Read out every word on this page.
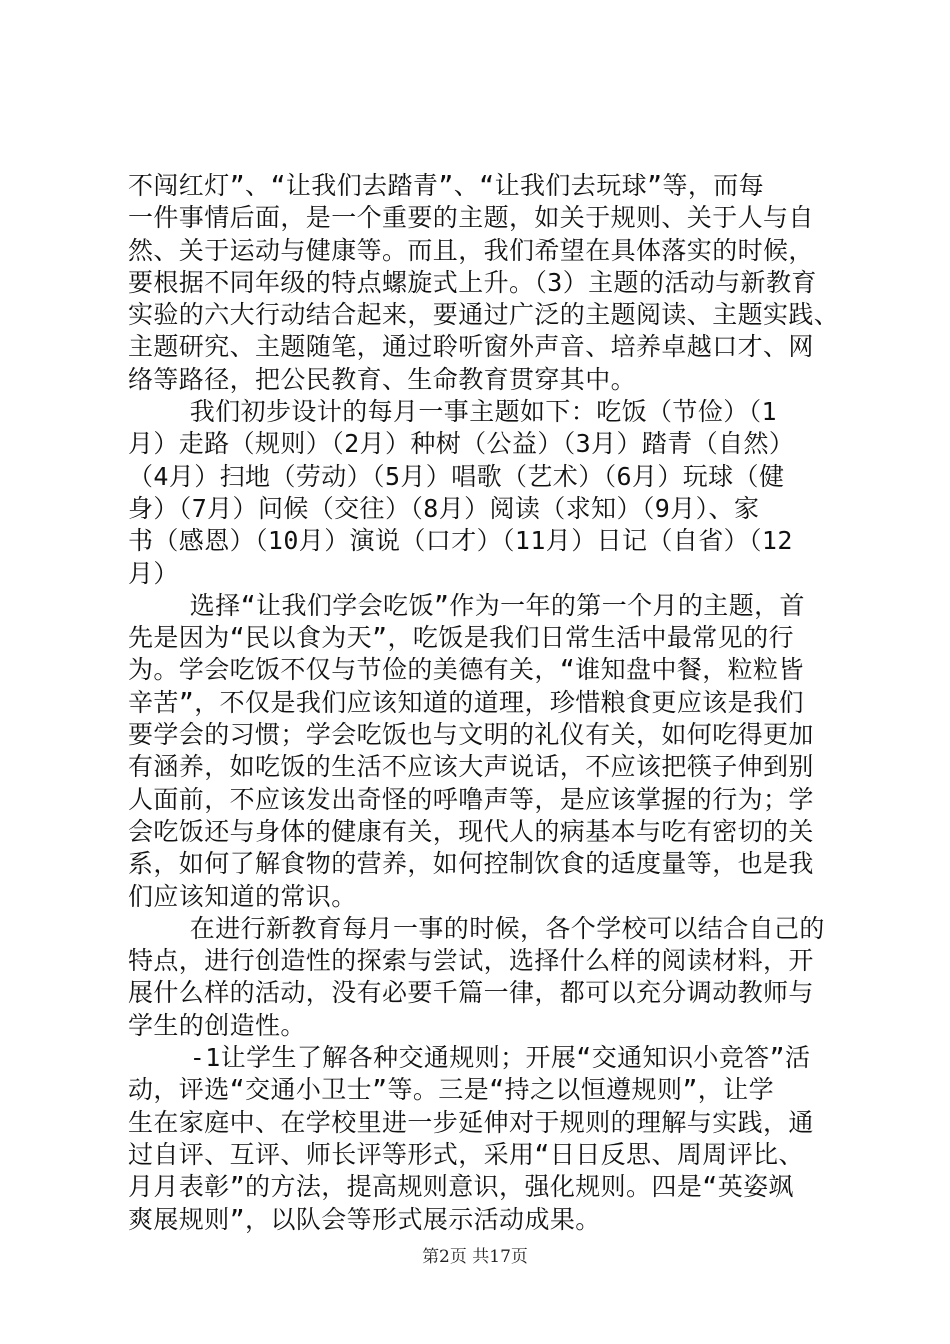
不闯红灯”、“让我们去踏青”、“让我们去玩球”等，而每
一件事情后面，是一个重要的主题，如关于规则、关于人与自
然、关于运动与健康等。而且，我们希望在具体落实的时候，
要根据不同年级的特点螺旋式上升。（3）主题的活动与新教育
实验的六大行动结合起来，要通过广泛的主题阅读、主题实践、
主题研究、主题随笔，通过聆听窗外声音、培养卓越口才、网
络等路径，把公民教育、生命教育贯穿其中。
我们初步设计的每月一事主题如下：吃饭（节俭）（1
月）走路（规则）（2月）种树（公益）（3月）踏青（自然）
（4月）扫地（劳动）（5月）唱歌（艺术）（6月）玩球（健
身）（7月）问候（交往）（8月）阅读（求知）（9月）、家
书（感恩）（10月）演说（口才）（11月）日记（自省）（12
月）
选择“让我们学会吃饭”作为一年的第一个月的主题，首
先是因为“民以食为天”，吃饭是我们日常生活中最常见的行
为。学会吃饭不仅与节俭的美德有关，“谁知盘中餐，粒粒皆
辛苦”，不仅是我们应该知道的道理，珍惜粮食更应该是我们
要学会的习惯；学会吃饭也与文明的礼仪有关，如何吃得更加
有涵养，如吃饭的生活不应该大声说话，不应该把筷子伸到别
人面前，不应该发出奇怪的呼噜声等，是应该掌握的行为；学
会吃饭还与身体的健康有关，现代人的病基本与吃有密切的关
系，如何了解食物的营养，如何控制饮食的适度量等，也是我
们应该知道的常识。
在进行新教育每月一事的时候，各个学校可以结合自己的
特点，进行创造性的探索与尝试，选择什么样的阅读材料，开
展什么样的活动，没有必要千篇一律，都可以充分调动教师与
学生的创造性。
-1让学生了解各种交通规则；开展“交通知识小竞答”活
动，评选“交通小卫士”等。三是“持之以恒遵规则”，让学
生在家庭中、在学校里进一步延伸对于规则的理解与实践，通
过自评、互评、师长评等形式，采用“日日反思、周周评比、
月月表彰”的方法，提高规则意识，强化规则。四是“英姿飒
爽展规则”，以队会等形式展示活动成果。
第2页 共17页
